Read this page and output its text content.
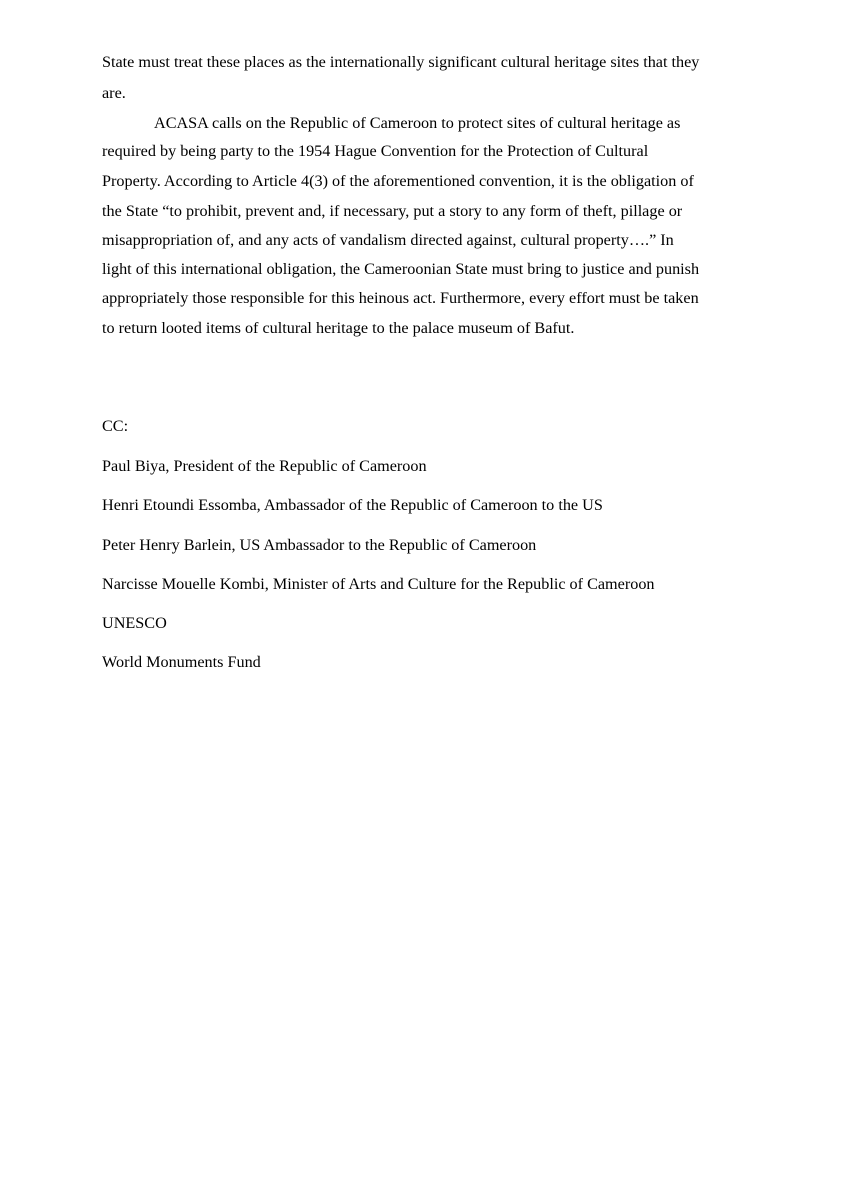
State must treat these places as the internationally significant cultural heritage sites that they
are.
ACASA calls on the Republic of Cameroon to protect sites of cultural heritage as
required by being party to the 1954 Hague Convention for the Protection of Cultural
Property. According to Article 4(3) of the aforementioned convention, it is the obligation of
the State “to prohibit, prevent and, if necessary, put a story to any form of theft, pillage or
misappropriation of, and any acts of vandalism directed against, cultural property….” In
light of this international obligation, the Cameroonian State must bring to justice and punish
appropriately those responsible for this heinous act. Furthermore, every effort must be taken
to return looted items of cultural heritage to the palace museum of Bafut.
CC:
Paul Biya, President of the Republic of Cameroon
Henri Etoundi Essomba, Ambassador of the Republic of Cameroon to the US
Peter Henry Barlein, US Ambassador to the Republic of Cameroon
Narcisse Mouelle Kombi, Minister of Arts and Culture for the Republic of Cameroon
UNESCO
World Monuments Fund
